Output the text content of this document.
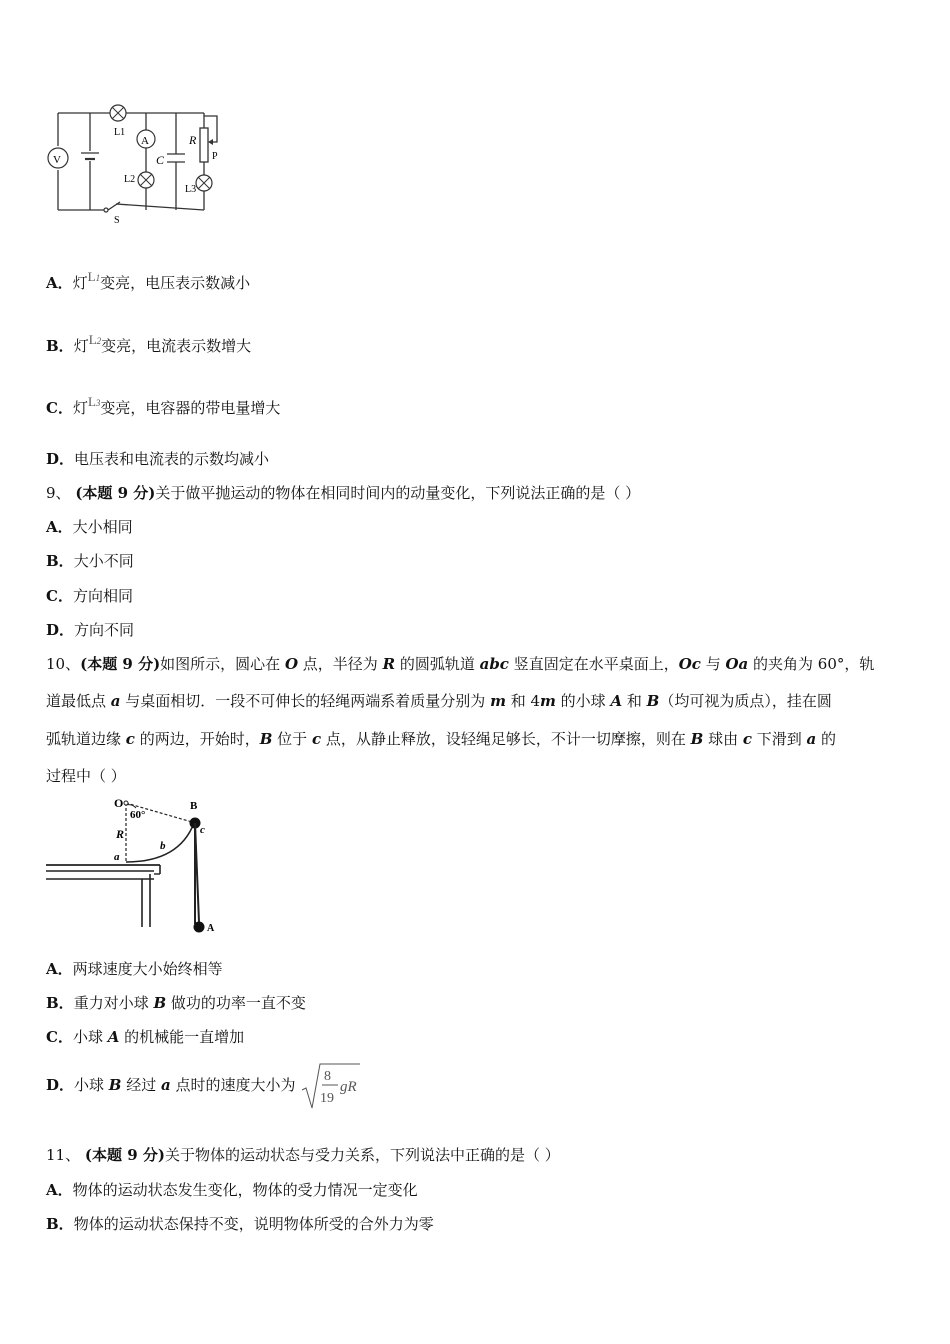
V
A
L1
L2
C
R
P
L3
S
A．灯L1变亮，电压表示数减小
B．灯L2变亮，电流表示数增大
C．灯L3变亮，电容器的带电量增大
D．电压表和电流表的示数均减小
9、 (本题 9 分)关于做平抛运动的物体在相同时间内的动量变化，下列说法正确的是（ ）
A．大小相同
B．大小不同
C．方向相同
D．方向不同
10、(本题 9 分)如图所示，圆心在 O 点，半径为 R 的圆弧轨道 abc 竖直固定在水平桌面上，Oc 与 Oa 的夹角为 60°，轨
道最低点 a 与桌面相切．一段不可伸长的轻绳两端系着质量分别为 m 和 4m 的小球 A 和 B（均可视为质点），挂在圆
弧轨道边缘 c 的两边，开始时，B 位于 c 点，从静止释放，设轻绳足够长，不计一切摩擦，则在 B 球由 c 下滑到 a 的
过程中（ ）
O
60°
B
c
R
b
a
A
A．两球速度大小始终相等
B．重力对小球 B 做功的功率一直不变
C．小球 A 的机械能一直增加
D．小球 B 经过 a 点时的速度大小为 8
19
gR
11、 (本题 9 分)关于物体的运动状态与受力关系，下列说法中正确的是（ ）
A．物体的运动状态发生变化，物体的受力情况一定变化
B．物体的运动状态保持不变，说明物体所受的合外力为零
